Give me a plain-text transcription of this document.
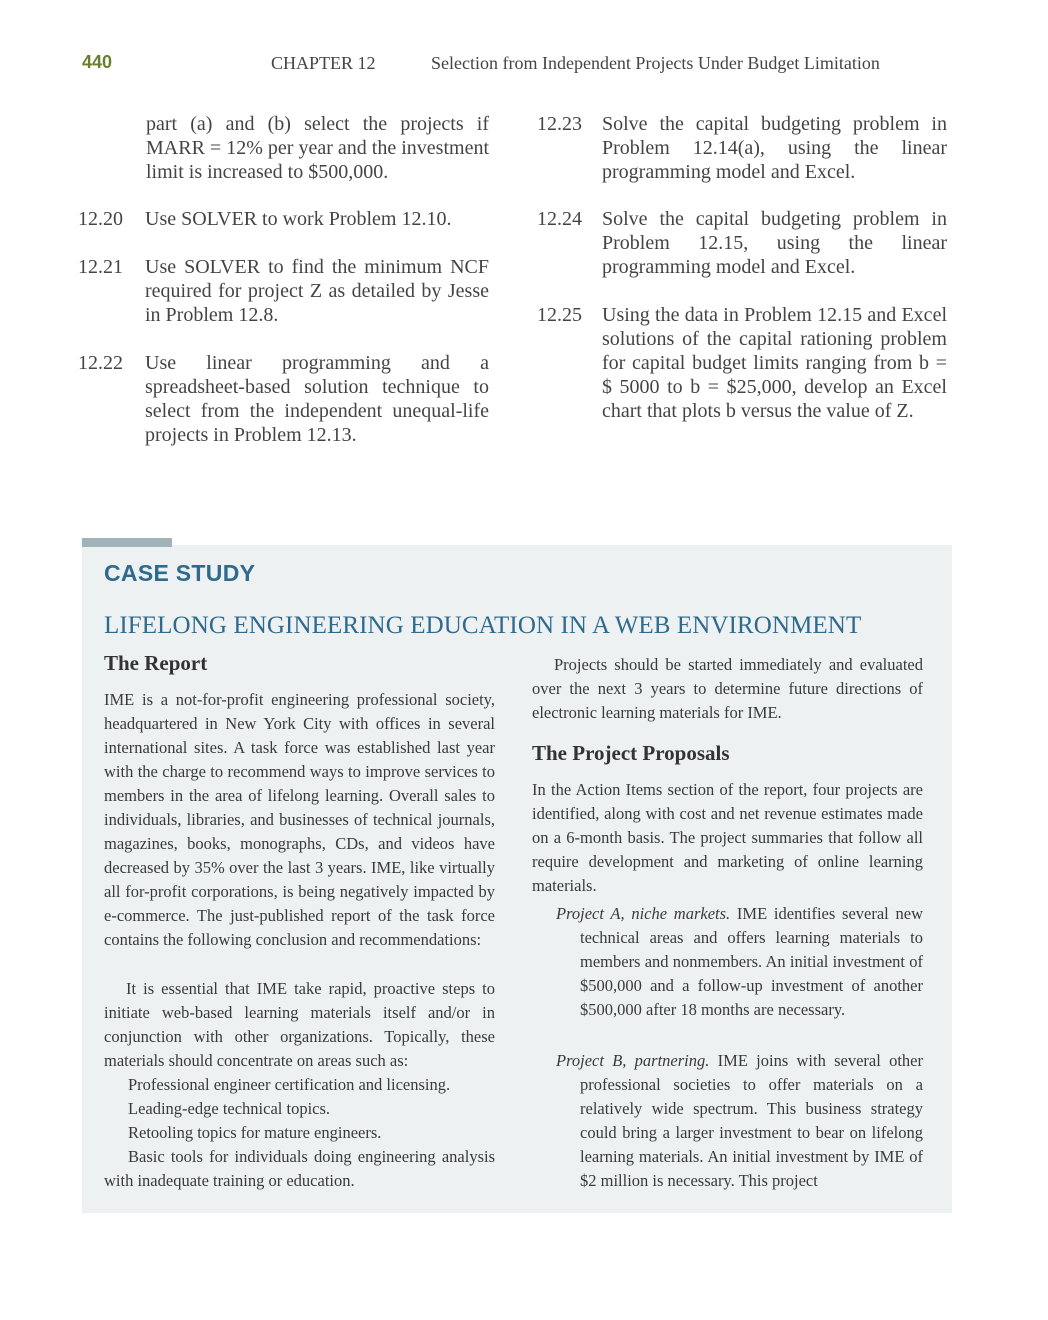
440	CHAPTER 12	Selection from Independent Projects Under Budget Limitation
part (a) and (b) select the projects if MARR = 12% per year and the investment limit is increased to $500,000.
12.20 Use SOLVER to work Problem 12.10.
12.21 Use SOLVER to find the minimum NCF required for project Z as detailed by Jesse in Problem 12.8.
12.22 Use linear programming and a spreadsheet-based solution technique to select from the independent unequal-life projects in Problem 12.13.
12.23 Solve the capital budgeting problem in Problem 12.14(a), using the linear programming model and Excel.
12.24 Solve the capital budgeting problem in Problem 12.15, using the linear programming model and Excel.
12.25 Using the data in Problem 12.15 and Excel solutions of the capital rationing problem for capital budget limits ranging from b = $ 5000 to b = $25,000, develop an Excel chart that plots b versus the value of Z.
CASE STUDY
LIFELONG ENGINEERING EDUCATION IN A WEB ENVIRONMENT
The Report
IME is a not-for-profit engineering professional society, headquartered in New York City with offices in several international sites. A task force was established last year with the charge to recommend ways to improve services to members in the area of lifelong learning. Overall sales to individuals, libraries, and businesses of technical journals, magazines, books, monographs, CDs, and videos have decreased by 35% over the last 3 years. IME, like virtually all for-profit corporations, is being negatively impacted by e-commerce. The just-published report of the task force contains the following conclusion and recommendations:
It is essential that IME take rapid, proactive steps to initiate web-based learning materials itself and/or in conjunction with other organizations. Topically, these materials should concentrate on areas such as:
Professional engineer certification and licensing.
Leading-edge technical topics.
Retooling topics for mature engineers.
Basic tools for individuals doing engineering analysis with inadequate training or education.
Projects should be started immediately and evaluated over the next 3 years to determine future directions of electronic learning materials for IME.
The Project Proposals
In the Action Items section of the report, four projects are identified, along with cost and net revenue estimates made on a 6-month basis. The project summaries that follow all require development and marketing of online learning materials.
Project A, niche markets. IME identifies several new technical areas and offers learning materials to members and nonmembers. An initial investment of $500,000 and a follow-up investment of another $500,000 after 18 months are necessary.
Project B, partnering. IME joins with several other professional societies to offer materials on a relatively wide spectrum. This business strategy could bring a larger investment to bear on lifelong learning materials. An initial investment by IME of $2 million is necessary. This project
